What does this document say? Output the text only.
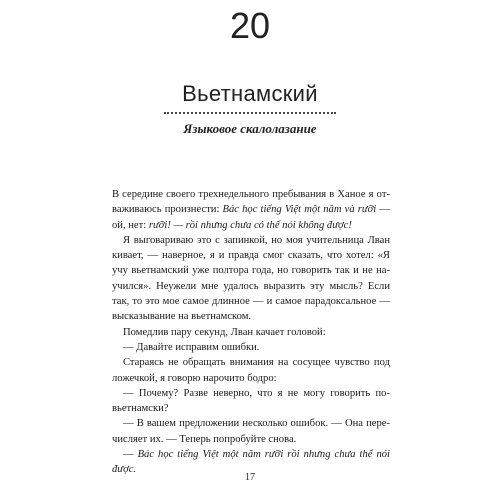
20
Вьетнамский
Языковое скалолазание

В середине своего трехнедельного пребывания в Ханое я отваживаюсь произнести: Bác học tiếng Việt một năm và rưỡi — ой, нет: rưỡi! — rồi nhưng chưa có thể nói không được!

Я выговариваю это с запинкой, но моя учительница Лван кивает, — наверное, я и правда смог сказать, что хотел: «Я учу вьетнамский уже полтора года, но говорить так и не научился». Неужели мне удалось выразить эту мысль? Если так, то это мое самое длинное — и самое парадоксальное — высказывание на вьетнамском.

Помедлив пару секунд, Лван качает головой:

— Давайте исправим ошибки.

Стараясь не обращать внимания на сосущее чувство под ложечкой, я говорю нарочито бодро:

— Почему? Разве неверно, что я не могу говорить по-вьетнамски?

— В вашем предложении несколько ошибок. — Она перечисляет их. — Теперь попробуйте снова.

— Bác học tiếng Việt một năm rưỡi rồi nhưng chưa thể nói được.

17
